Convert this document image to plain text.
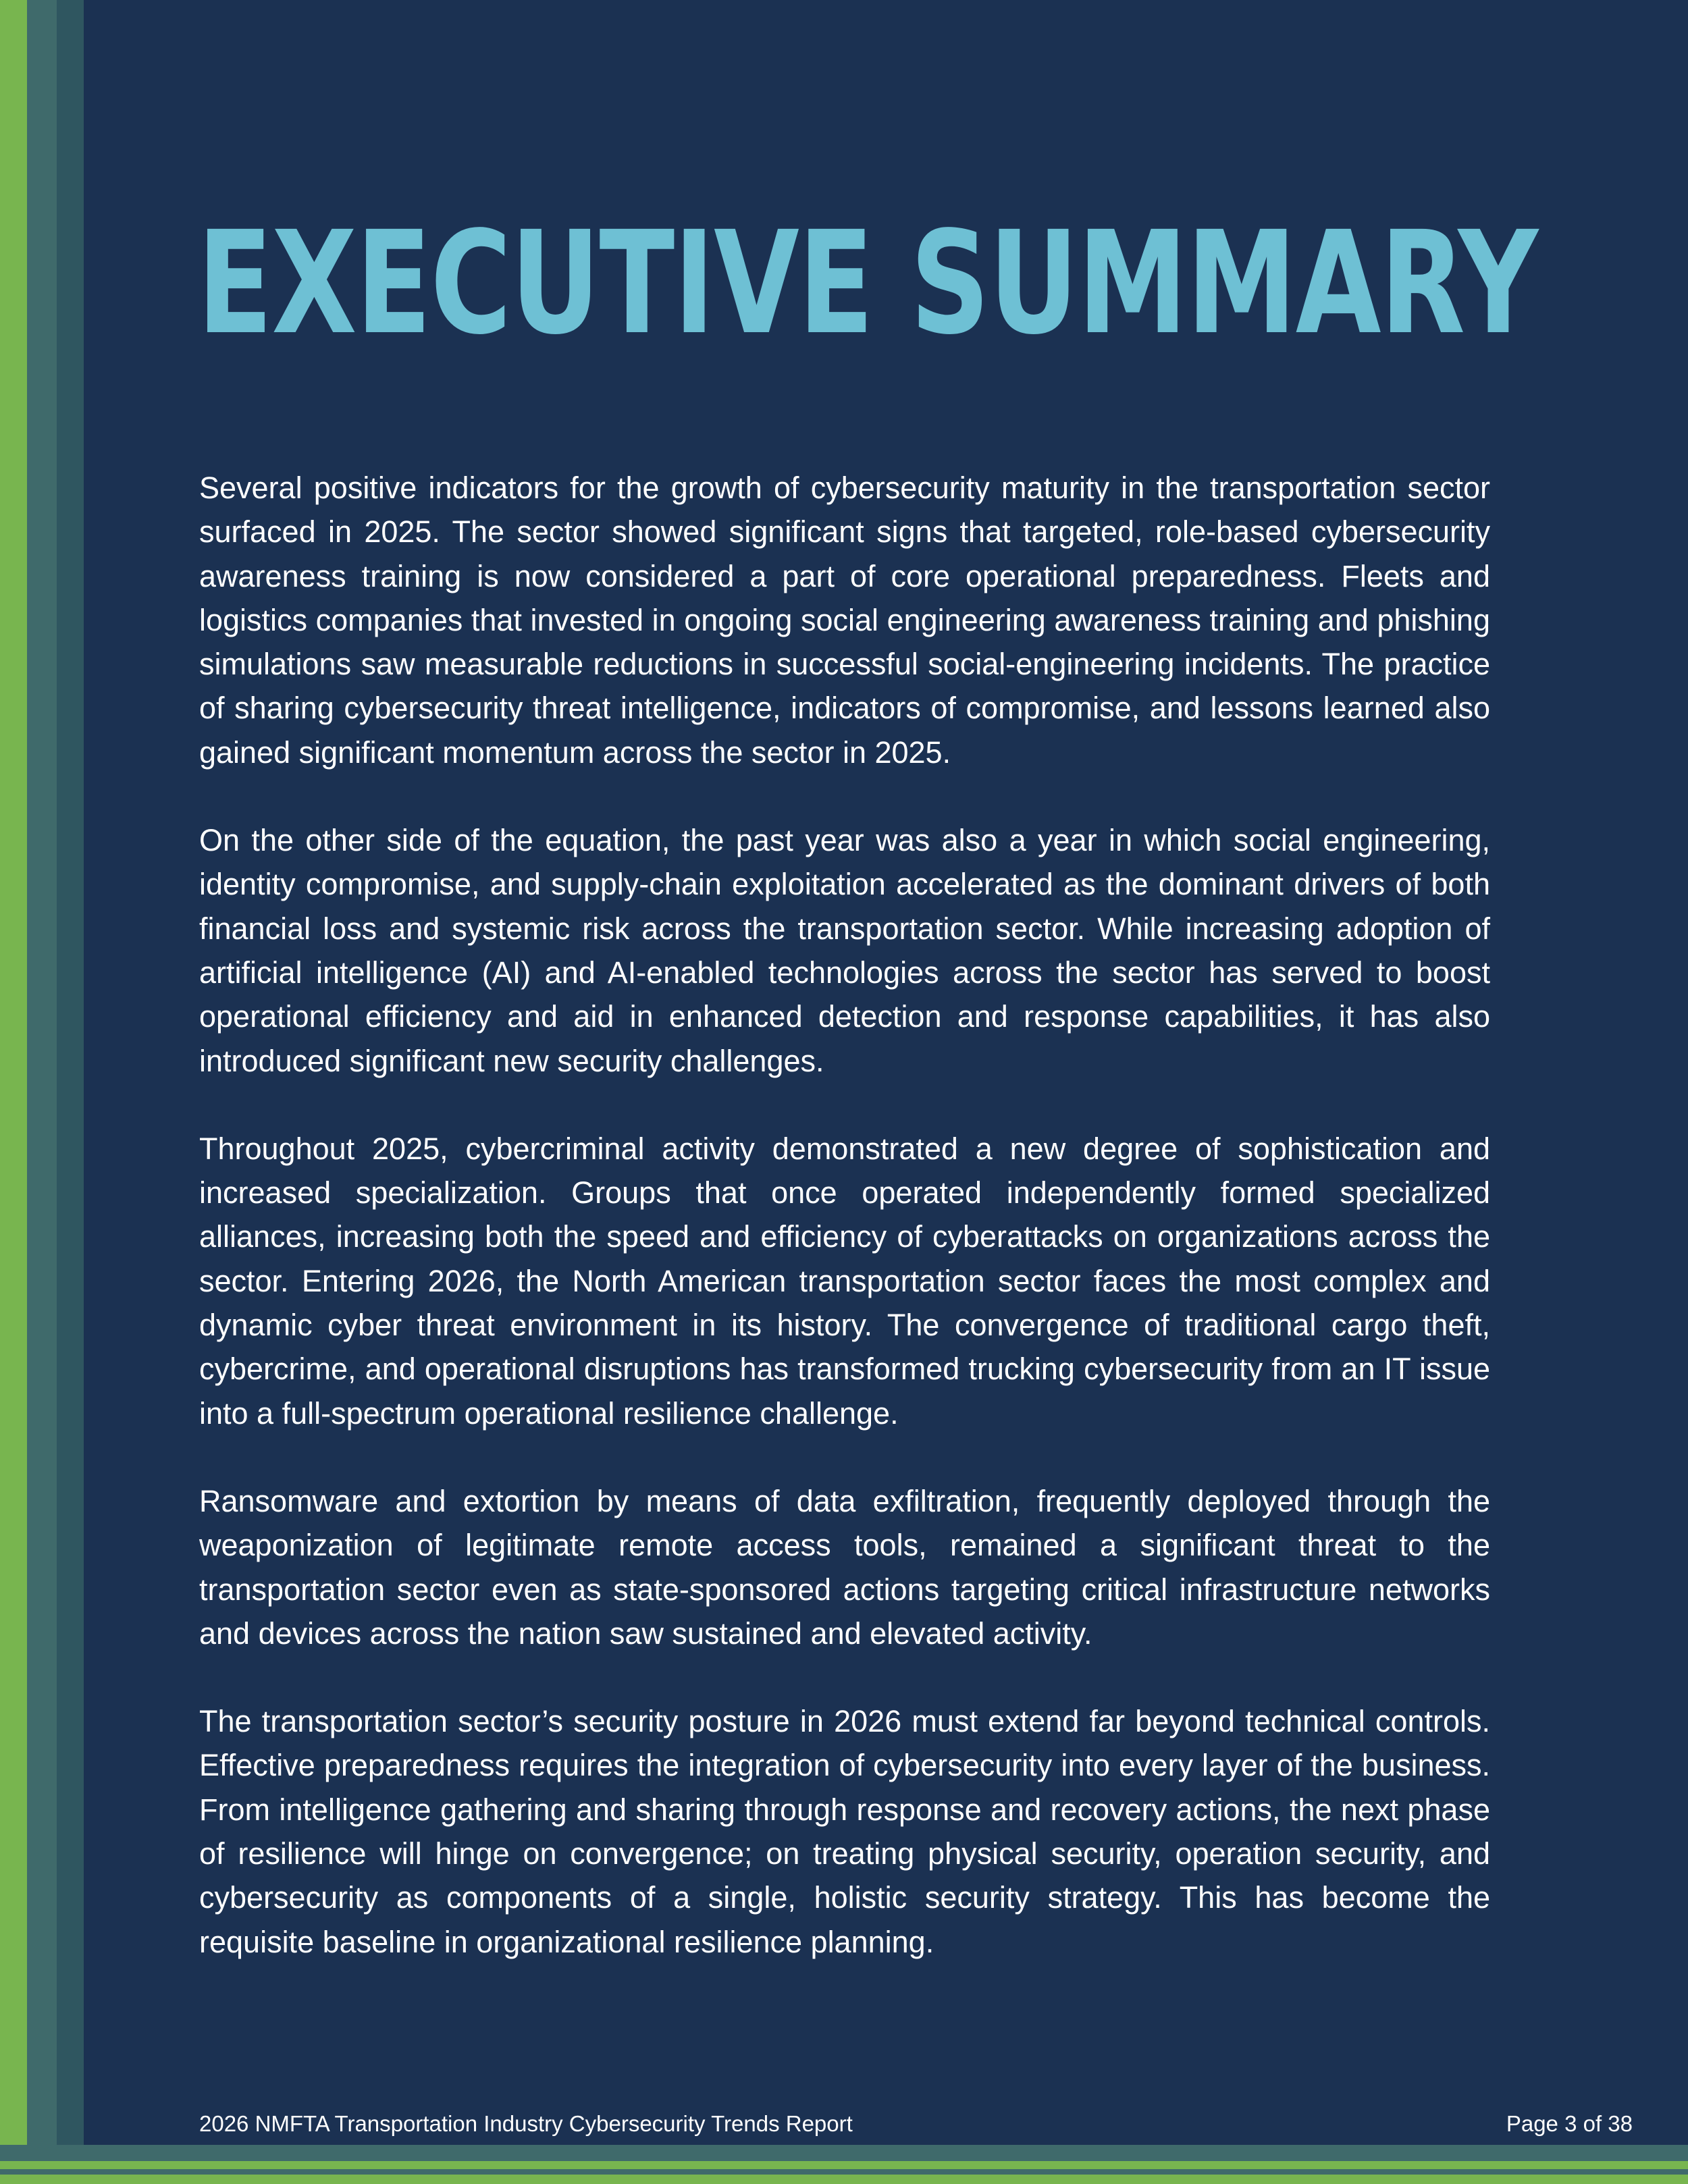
EXECUTIVE SUMMARY

Several positive indicators for the growth of cybersecurity maturity in the transportation sector surfaced in 2025. The sector showed significant signs that targeted, role-based cybersecurity awareness training is now considered a part of core operational preparedness. Fleets and logistics companies that invested in ongoing social engineering awareness training and phishing simulations saw measurable reductions in successful social-engineering incidents. The practice of sharing cybersecurity threat intelligence, indicators of compromise, and lessons learned also gained significant momentum across the sector in 2025.

On the other side of the equation, the past year was also a year in which social engineering, identity compromise, and supply-chain exploitation accelerated as the dominant drivers of both financial loss and systemic risk across the transportation sector. While increasing adoption of artificial intelligence (AI) and AI-enabled technologies across the sector has served to boost operational efficiency and aid in enhanced detection and response capabilities, it has also introduced significant new security challenges.

Throughout 2025, cybercriminal activity demonstrated a new degree of sophistication and increased specialization. Groups that once operated independently formed specialized alliances, increasing both the speed and efficiency of cyberattacks on organizations across the sector. Entering 2026, the North American transportation sector faces the most complex and dynamic cyber threat environment in its history. The convergence of traditional cargo theft, cybercrime, and operational disruptions has transformed trucking cybersecurity from an IT issue into a full-spectrum operational resilience challenge.

Ransomware and extortion by means of data exfiltration, frequently deployed through the weaponization of legitimate remote access tools, remained a significant threat to the transportation sector even as state-sponsored actions targeting critical infrastructure networks and devices across the nation saw sustained and elevated activity.

The transportation sector’s security posture in 2026 must extend far beyond technical controls. Effective preparedness requires the integration of cybersecurity into every layer of the business. From intelligence gathering and sharing through response and recovery actions, the next phase of resilience will hinge on convergence; on treating physical security, operation security, and cybersecurity as components of a single, holistic security strategy. This has become the requisite baseline in organizational resilience planning.

2026 NMFTA Transportation Industry Cybersecurity Trends Report	Page 3 of 38
